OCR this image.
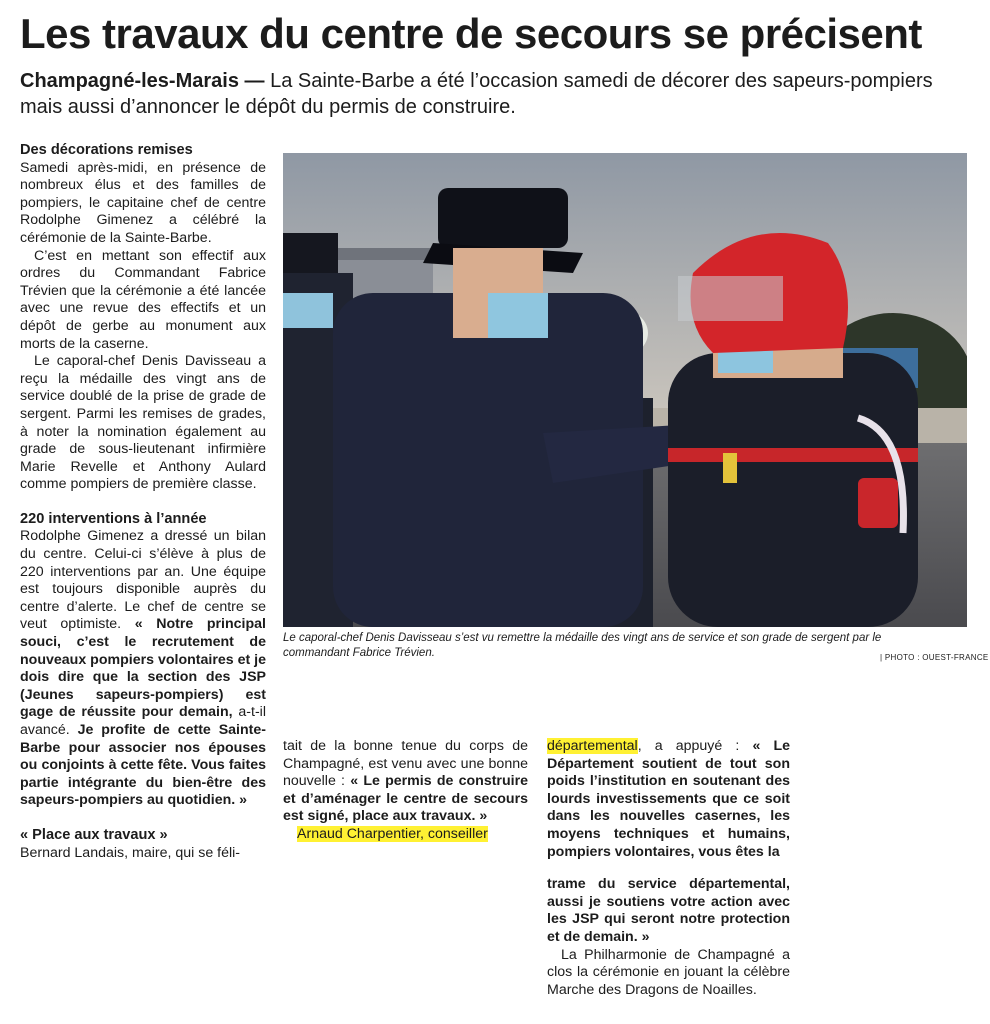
Les travaux du centre de secours se précisent
Champagné-les-Marais — La Sainte-Barbe a été l’occasion samedi de décorer des sapeurs-pompiers mais aussi d’annoncer le dépôt du permis de construire.
Des décorations remises

Samedi après-midi, en présence de nombreux élus et des familles de pompiers, le capitaine chef de centre Rodolphe Gimenez a célébré la cérémonie de la Sainte-Barbe.

C’est en mettant son effectif aux ordres du Commandant Fabrice Trévien que la cérémonie a été lancée avec une revue des effectifs et un dépôt de gerbe au monument aux morts de la caserne.

Le caporal-chef Denis Davisseau a reçu la médaille des vingt ans de service doublé de la prise de grade de sergent. Parmi les remises de grades, à noter la nomination également au grade de sous-lieutenant infirmière Marie Revelle et Anthony Aulard comme pompiers de première classe.

220 interventions à l’année

Rodolphe Gimenez a dressé un bilan du centre. Celui-ci s’élève à plus de 220 interventions par an. Une équipe est toujours disponible auprès du centre d’alerte. Le chef de centre se veut optimiste. « Notre principal souci, c’est le recrutement de nouveaux pompiers volontaires et je dois dire que la section des JSP (Jeunes sapeurs-pompiers) est gage de réussite pour demain, a-t-il avancé. Je profite de cette Sainte-Barbe pour associer nos épouses ou conjoints à cette fête. Vous faites partie intégrante du bien-être des sapeurs-pompiers au quotidien. »

« Place aux travaux »

Bernard Landais, maire, qui se féli-

Le caporal-chef Denis Davisseau s’est vu remettre la médaille des vingt ans de service et son grade de sergent par le commandant Fabrice Trévien.	| PHOTO : OUEST-FRANCE

tait de la bonne tenue du corps de Champagné, est venu avec une bonne nouvelle : « Le permis de construire et d’aménager le centre de secours est signé, place aux travaux. »

Arnaud Charpentier, conseiller

départemental, a appuyé : « Le Département soutient de tout son poids l’institution en soutenant des lourds investissements que ce soit dans les nouvelles casernes, les moyens techniques et humains, pompiers volontaires, vous êtes la

trame du service départemental, aussi je soutiens votre action avec les JSP qui seront notre protection et de demain. »

La Philharmonie de Champagné a clos la cérémonie en jouant la célèbre Marche des Dragons de Noailles.
